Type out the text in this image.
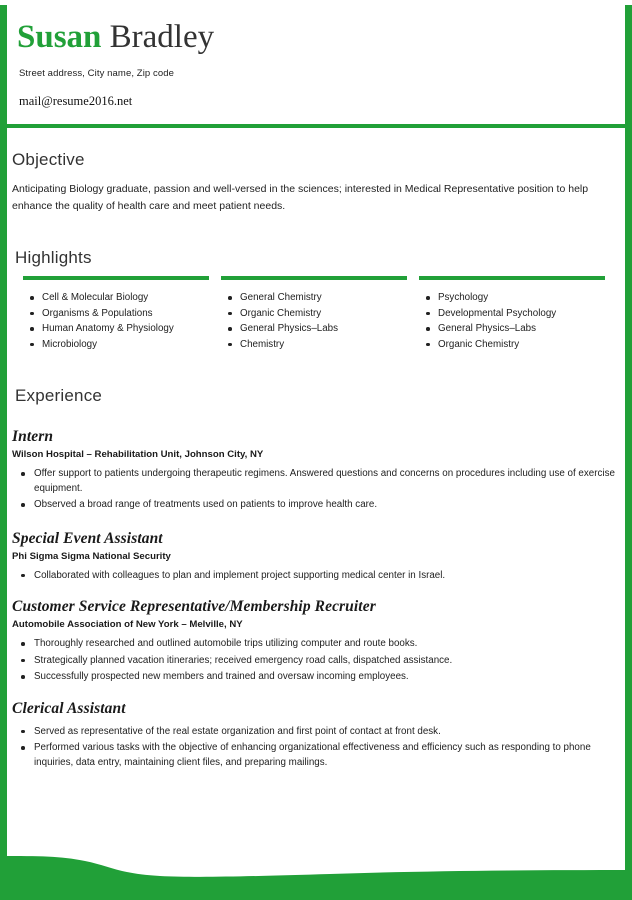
Susan Bradley
Street address, City name, Zip code
mail@resume2016.net
Objective
Anticipating Biology graduate, passion and well-versed in the sciences; interested in Medical Representative position to help enhance the quality of health care and meet patient needs.
Highlights
Cell & Molecular Biology
Organisms & Populations
Human Anatomy & Physiology
Microbiology
General Chemistry
Organic Chemistry
General Physics–Labs
Chemistry
Psychology
Developmental Psychology
General Physics–Labs
Organic Chemistry
Experience
Intern
Wilson Hospital – Rehabilitation Unit, Johnson City, NY
Offer support to patients undergoing therapeutic regimens. Answered questions and concerns on procedures including use of exercise equipment.
Observed a broad range of treatments used on patients to improve health care.
Special Event Assistant
Phi Sigma Sigma National Security
Collaborated with colleagues to plan and implement project supporting medical center in Israel.
Customer Service Representative/Membership Recruiter
Automobile Association of New York – Melville, NY
Thoroughly researched and outlined automobile trips utilizing computer and route books.
Strategically planned vacation itineraries; received emergency road calls, dispatched assistance.
Successfully prospected new members and trained and oversaw incoming employees.
Clerical Assistant
Served as representative of the real estate organization and first point of contact at front desk.
Performed various tasks with the objective of enhancing organizational effectiveness and efficiency such as responding to phone inquiries, data entry, maintaining client files, and preparing mailings.
